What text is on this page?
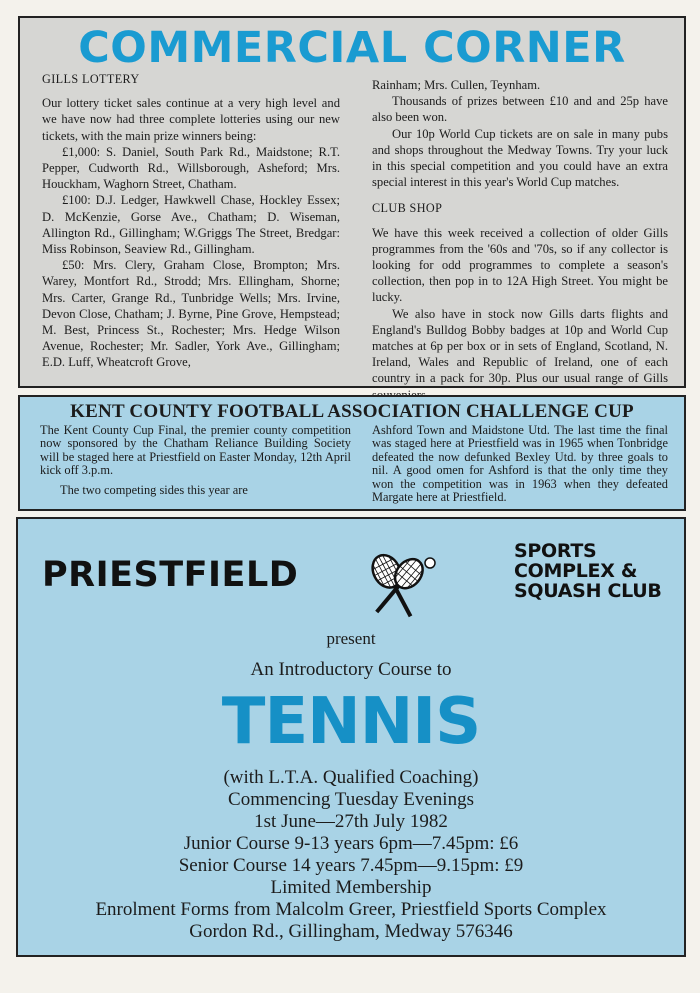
COMMERCIAL CORNER
GILLS LOTTERY

Our lottery ticket sales continue at a very high level and we have now had three complete lotteries using our new tickets, with the main prize winners being:

£1,000: S. Daniel, South Park Rd., Maidstone; R.T. Pepper, Cudworth Rd., Willsborough, Asheford; Mrs. Houckham, Waghorn Street, Chatham.

£100: D.J. Ledger, Hawkwell Chase, Hockley Essex; D. McKenzie, Gorse Ave., Chatham; D. Wiseman, Allington Rd., Gillingham; W.Griggs The Street, Bredgar: Miss Robinson, Seaview Rd., Gillingham.

£50: Mrs. Clery, Graham Close, Brompton; Mrs. Warey, Montfort Rd., Strodd; Mrs. Ellingham, Shorne; Mrs. Carter, Grange Rd., Tunbridge Wells; Mrs. Irvine, Devon Close, Chatham; J. Byrne, Pine Grove, Hempstead; M. Best, Princess St., Rochester; Mrs. Hedge Wilson Avenue, Rochester; Mr. Sadler, York Ave., Gillingham; E.D. Luff, Wheatcroft Grove,

Rainham; Mrs. Cullen, Teynham.

Thousands of prizes between £10 and and 25p have also been won.

Our 10p World Cup tickets are on sale in many pubs and shops throughout the Medway Towns. Try your luck in this special competition and you could have an extra special interest in this year's World Cup matches.

CLUB SHOP

We have this week received a collection of older Gills programmes from the '60s and '70s, so if any collector is looking for odd programmes to complete a season's collection, then pop in to 12A High Street. You might be lucky.

We also have in stock now Gills darts flights and England's Bulldog Bobby badges at 10p and World Cup matches at 6p per box or in sets of England, Scotland, N. Ireland, Wales and Republic of Ireland, one of each country in a pack for 30p. Plus our usual range of Gills

KENT COUNTY FOOTBALL ASSOCIATION CHALLENGE CUP

The Kent County Cup Final, the premier county competition now sponsored by the Chatham Reliance Building Society will be staged here at Priestfield on Easter Monday, 12th April kick off 3.p.m.

The two competing sides this year are

Ashford Town and Maidstone Utd. The last time the final was staged here at Priestfield was in 1965 when Tonbridge defeated the now defunked Bexley Utd. by three goals to nil. A good omen for Ashford is that the only time they won the competition was in 1963 when they defeated Margate here at Priestfield.

PRIESTFIELD
SPORTS
COMPLEX &
SQUASH CLUB
present
An Introductory Course to
TENNIS
(with L.T.A. Qualified Coaching)
Commencing Tuesday Evenings
1st June—27th July 1982
Junior Course 9-13 years 6pm—7.45pm: £6
Senior Course 14 years 7.45pm—9.15pm: £9
Limited Membership
Enrolment Forms from Malcolm Greer, Priestfield Sports Complex
Gordon Rd., Gillingham, Medway 576346
